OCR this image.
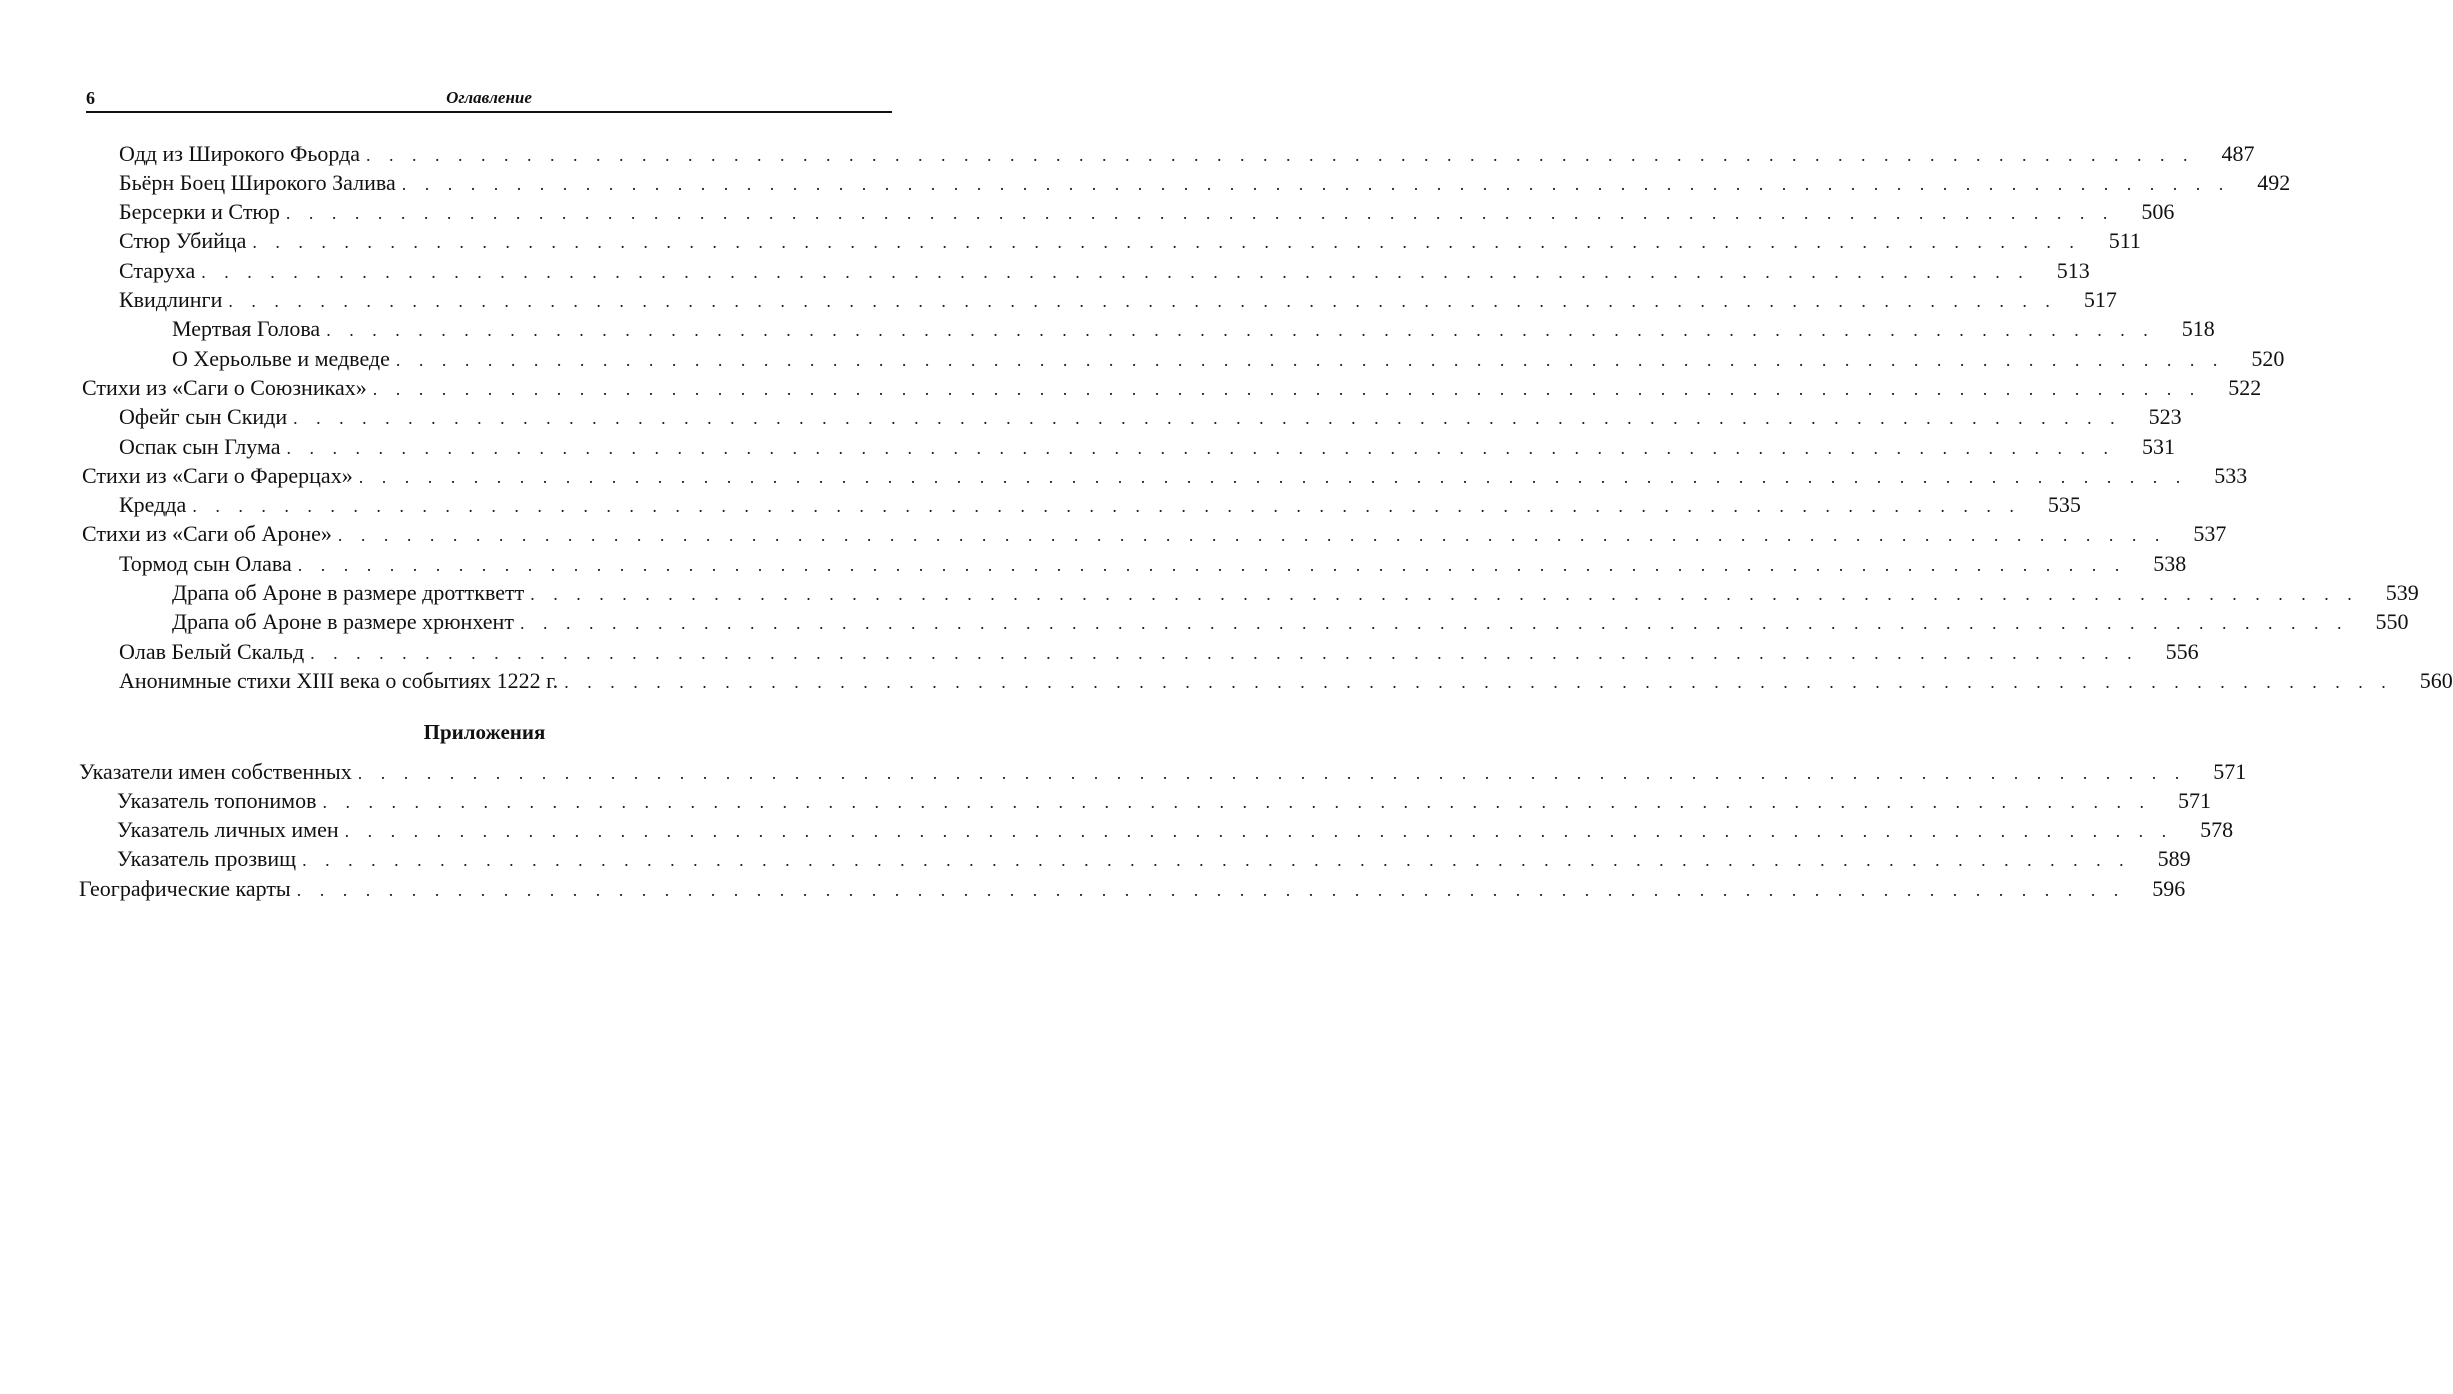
6	Оглавление
Одд из Широкого Фьорда . . . . . . . . . . . . . . . . . . . . . . . . . . . . . . . . . . . . . . . . . . . . . . . . . . . . . . . . . . . . . . . . . . . . . . . . . . . . . . . .	487
Бьёрн Боец Широкого Залива . . . . . . . . . . . . . . . . . . . . . . . . . . . . . . . . . . . . . . . . . . . . . . . . . . . . . . . . . . . . . . . . . . . . . . . . . . . . . . . .	492
Берсерки и Стюр . . . . . . . . . . . . . . . . . . . . . . . . . . . . . . . . . . . . . . . . . . . . . . . . . . . . . . . . . . . . . . . . . . . . . . . . . . . . . . . .	506
Стюр Убийца . . . . . . . . . . . . . . . . . . . . . . . . . . . . . . . . . . . . . . . . . . . . . . . . . . . . . . . . . . . . . . . . . . . . . . . . . . . . . . . .	511
Старуха . . . . . . . . . . . . . . . . . . . . . . . . . . . . . . . . . . . . . . . . . . . . . . . . . . . . . . . . . . . . . . . . . . . . . . . . . . . . . . . .	513
Квидлинги . . . . . . . . . . . . . . . . . . . . . . . . . . . . . . . . . . . . . . . . . . . . . . . . . . . . . . . . . . . . . . . . . . . . . . . . . . . . . . . .	517
Мертвая Голова . . . . . . . . . . . . . . . . . . . . . . . . . . . . . . . . . . . . . . . . . . . . . . . . . . . . . . . . . . . . . . . . . . . . . . . . . . . . . . . .	518
О Херьольве и медведе . . . . . . . . . . . . . . . . . . . . . . . . . . . . . . . . . . . . . . . . . . . . . . . . . . . . . . . . . . . . . . . . . . . . . . . . . . . . . . . .	520
Стихи из «Саги о Союзниках» . . . . . . . . . . . . . . . . . . . . . . . . . . . . . . . . . . . . . . . . . . . . . . . . . . . . . . . . . . . . . . . . . . . . . . . . . . . . . . . .	522
Офейг сын Скиди . . . . . . . . . . . . . . . . . . . . . . . . . . . . . . . . . . . . . . . . . . . . . . . . . . . . . . . . . . . . . . . . . . . . . . . . . . . . . . . .	523
Оспак сын Глума . . . . . . . . . . . . . . . . . . . . . . . . . . . . . . . . . . . . . . . . . . . . . . . . . . . . . . . . . . . . . . . . . . . . . . . . . . . . . . . .	531
Стихи из «Саги о Фарерцах» . . . . . . . . . . . . . . . . . . . . . . . . . . . . . . . . . . . . . . . . . . . . . . . . . . . . . . . . . . . . . . . . . . . . . . . . . . . . . . . .	533
Кредда . . . . . . . . . . . . . . . . . . . . . . . . . . . . . . . . . . . . . . . . . . . . . . . . . . . . . . . . . . . . . . . . . . . . . . . . . . . . . . . .	535
Стихи из «Саги об Ароне» . . . . . . . . . . . . . . . . . . . . . . . . . . . . . . . . . . . . . . . . . . . . . . . . . . . . . . . . . . . . . . . . . . . . . . . . . . . . . . . .	537
Тормод сын Олава . . . . . . . . . . . . . . . . . . . . . . . . . . . . . . . . . . . . . . . . . . . . . . . . . . . . . . . . . . . . . . . . . . . . . . . . . . . . . . . .	538
Драпа об Ароне в размере дротткветт . . . . . . . . . . . . . . . . . . . . . . . . . . . . . . . . . . . . . . . . . . . . . . . . . . . . . . . . . . . . . . . . . . . . . . . . . . . . . . . .	539
Драпа об Ароне в размере хрюнхент . . . . . . . . . . . . . . . . . . . . . . . . . . . . . . . . . . . . . . . . . . . . . . . . . . . . . . . . . . . . . . . . . . . . . . . . . . . . . . . .	550
Олав Белый Скальд . . . . . . . . . . . . . . . . . . . . . . . . . . . . . . . . . . . . . . . . . . . . . . . . . . . . . . . . . . . . . . . . . . . . . . . . . . . . . . . .	556
Анонимные стихи XIII века о событиях 1222 г. . . . . . . . . . . . . . . . . . . . . . . . . . . . . . . . . . . . . . . . . . . . . . . . . . . . . . . . . . . . . . . . . . . . . . . . . . . . . . . . .	560
Приложения
Указатели имен собственных . . . . . . . . . . . . . . . . . . . . . . . . . . . . . . . . . . . . . . . . . . . . . . . . . . . . . . . . . . . . . . . . . . . . . . . . . . . . . . . .	571
Указатель топонимов . . . . . . . . . . . . . . . . . . . . . . . . . . . . . . . . . . . . . . . . . . . . . . . . . . . . . . . . . . . . . . . . . . . . . . . . . . . . . . . .	571
Указатель личных имен . . . . . . . . . . . . . . . . . . . . . . . . . . . . . . . . . . . . . . . . . . . . . . . . . . . . . . . . . . . . . . . . . . . . . . . . . . . . . . . .	578
Указатель прозвищ . . . . . . . . . . . . . . . . . . . . . . . . . . . . . . . . . . . . . . . . . . . . . . . . . . . . . . . . . . . . . . . . . . . . . . . . . . . . . . . .	589
Географические карты . . . . . . . . . . . . . . . . . . . . . . . . . . . . . . . . . . . . . . . . . . . . . . . . . . . . . . . . . . . . . . . . . . . . . . . . . . . . . . . .	596
